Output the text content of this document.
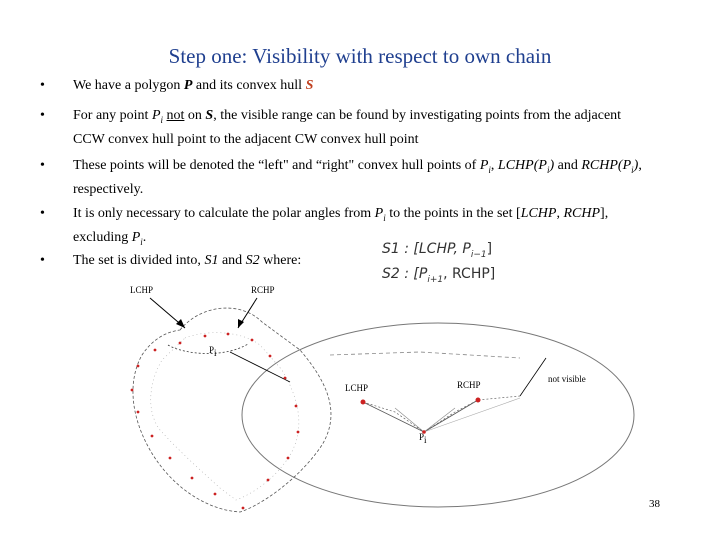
Step one: Visibility with respect to own chain
•	We have a polygon P and its convex hull S
•	For any point $P_i$ not on S, the visible range can be found by investigating points from the adjacent CCW convex hull point to the adjacent CW convex hull point
•	These points will be denoted the “left" and “right" convex hull points of $P_i$, $LCHP(P_i)$ and $RCHP(P_i)$, respectively.
•	It is only necessary to calculate the polar angles from $P_i$ to the points in the set [LCHP, RCHP], excluding $P_i$.
•	The set is divided into, S1 and S2 where:
S1 : [LCHP, $P_{i-1}$]
S2 : [$P_{i+1}$, RCHP]
LCHP	RCHP
$P_i$
LCHP	RCHP
$P_i$
not visible
38
